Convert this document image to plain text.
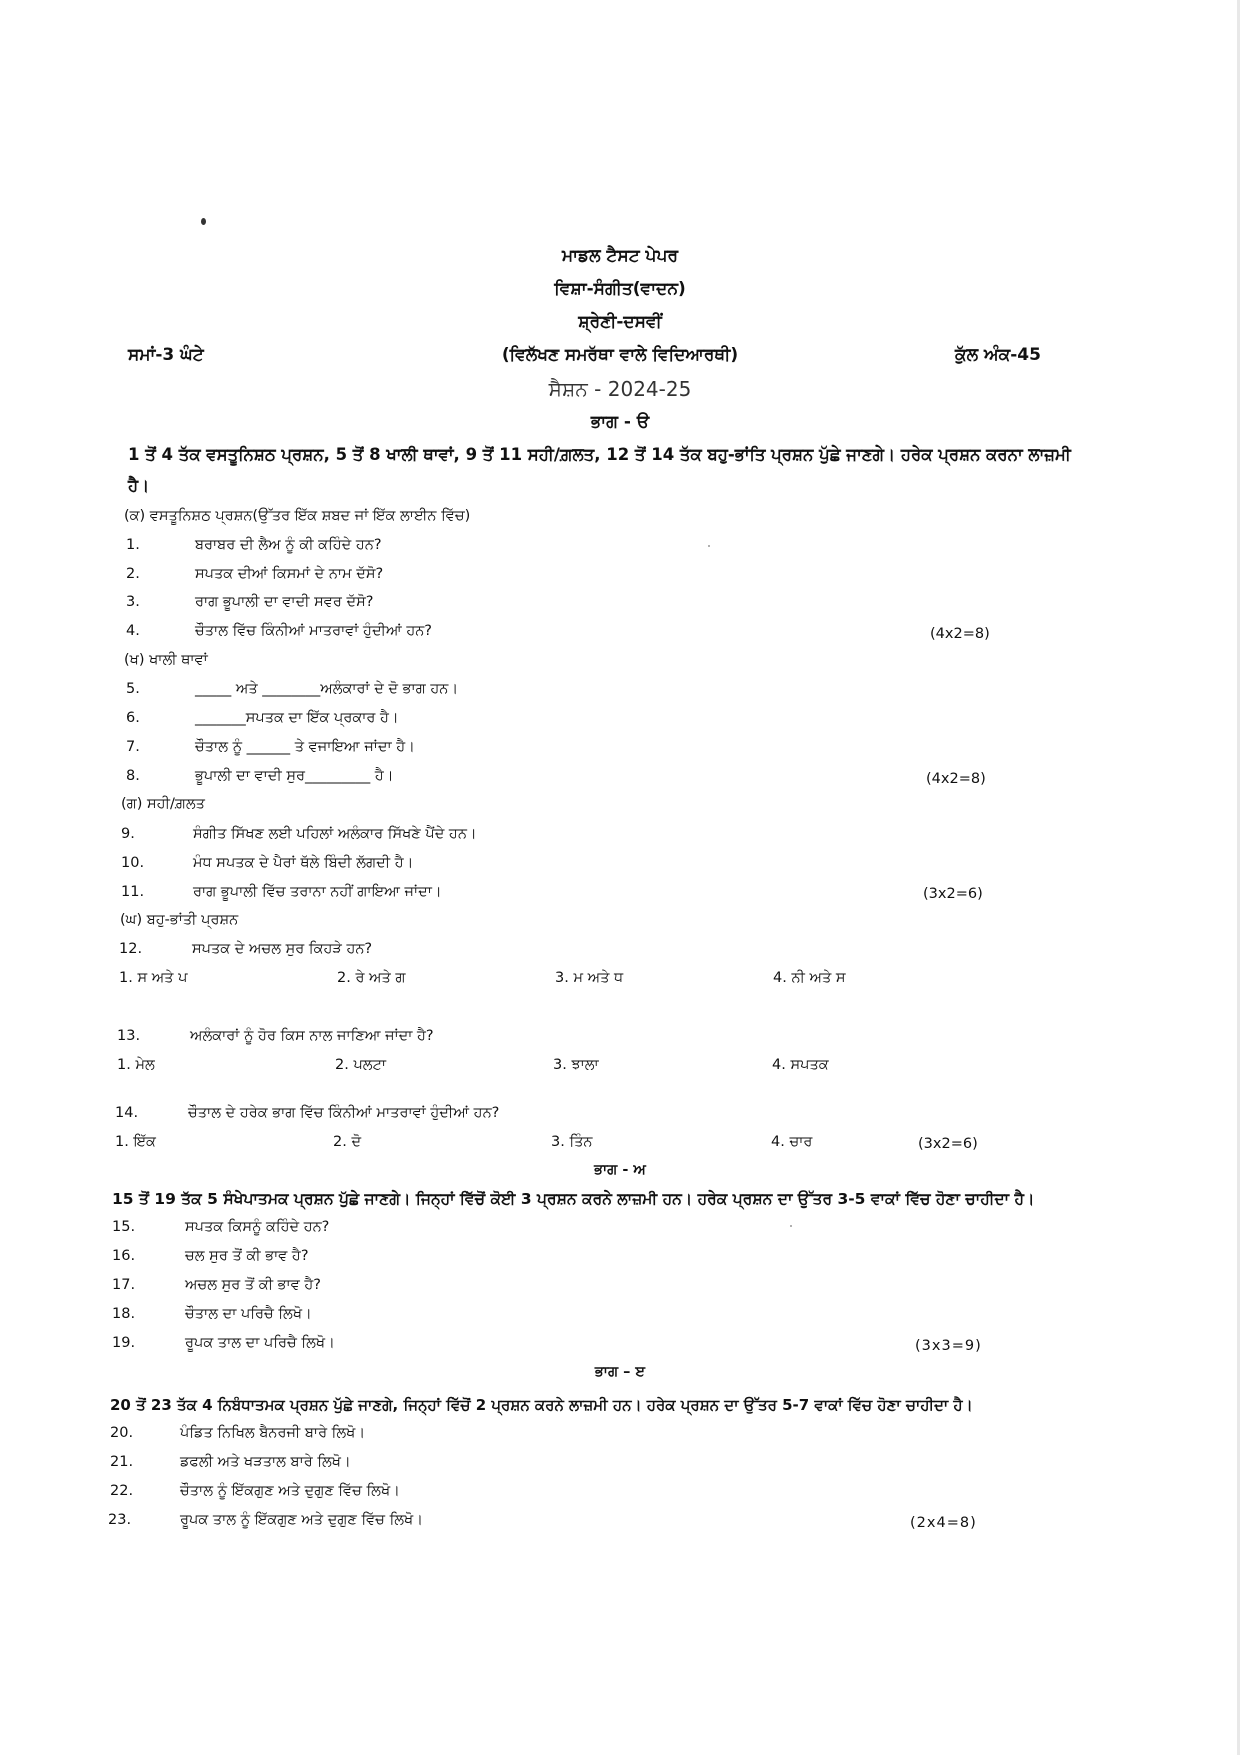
ਮਾਡਲ ਟੈਸਟ ਪੇਪਰ
ਵਿਸ਼ਾ-ਸੰਗੀਤ(ਵਾਦਨ)
ਸ਼੍ਰੇਣੀ-ਦਸਵੀਂ
ਸਮਾਂ-3 ਘੰਟੇ	(ਵਿਲੱਖਣ ਸਮਰੱਥਾ ਵਾਲੇ ਵਿਦਿਆਰਥੀ)	ਕੁੱਲ ਅੰਕ-45
ਸੈਸ਼ਨ - 2024-25
ਭਾਗ - ੳ
1 ਤੋਂ 4 ਤੱਕ ਵਸਤੂਨਿਸ਼ਠ ਪ੍ਰਸ਼ਨ, 5 ਤੋਂ 8 ਖਾਲੀ ਥਾਵਾਂ, 9 ਤੋਂ 11 ਸਹੀ/ਗ਼ਲਤ, 12 ਤੋਂ 14 ਤੱਕ ਬਹੁ-ਭਾਂਤਿ ਪ੍ਰਸ਼ਨ ਪੁੱਛੇ ਜਾਣਗੇ। ਹਰੇਕ ਪ੍ਰਸ਼ਨ ਕਰਨਾ ਲਾਜ਼ਮੀ
ਹੈ।
(ਕ) ਵਸਤੂਨਿਸ਼ਠ ਪ੍ਰਸ਼ਨ(ਉੱਤਰ ਇੱਕ ਸ਼ਬਦ ਜਾਂ ਇੱਕ ਲਾਈਨ ਵਿੱਚ)
1.	ਬਰਾਬਰ ਦੀ ਲੈਅ ਨੂੰ ਕੀ ਕਹਿੰਦੇ ਹਨ?
2.	ਸਪਤਕ ਦੀਆਂ ਕਿਸਮਾਂ ਦੇ ਨਾਮ ਦੱਸੋ?
3.	ਰਾਗ ਭੂਪਾਲੀ ਦਾ ਵਾਦੀ ਸਵਰ ਦੱਸੋ?
4.	ਚੌਤਾਲ ਵਿੱਚ ਕਿੰਨੀਆਂ ਮਾਤਰਾਵਾਂ ਹੁੰਦੀਆਂ ਹਨ?	(4x2=8)
(ਖ) ਖਾਲੀ ਥਾਵਾਂ
5.	_____ ਅਤੇ ________ਅਲੰਕਾਰਾਂ ਦੇ ਦੋ ਭਾਗ ਹਨ।
6.	_______ਸਪਤਕ ਦਾ ਇੱਕ ਪ੍ਰਕਾਰ ਹੈ।
7.	ਚੌਤਾਲ ਨੂੰ ______ ਤੇ ਵਜਾਇਆ ਜਾਂਦਾ ਹੈ।
8.	ਭੂਪਾਲੀ ਦਾ ਵਾਦੀ ਸੁਰ_________ ਹੈ।	(4x2=8)
(ਗ) ਸਹੀ/ਗ਼ਲਤ
9.	ਸੰਗੀਤ ਸਿੱਖਣ ਲਈ ਪਹਿਲਾਂ ਅਲੰਕਾਰ ਸਿੱਖਣੇ ਪੈਂਦੇ ਹਨ।
10.	ਮੰਧ ਸਪਤਕ ਦੇ ਪੈਰਾਂ ਥੱਲੇ ਬਿੰਦੀ ਲੱਗਦੀ ਹੈ।
11.	ਰਾਗ ਭੂਪਾਲੀ ਵਿੱਚ ਤਰਾਨਾ ਨਹੀਂ ਗਾਇਆ ਜਾਂਦਾ।	(3x2=6)
(ਘ) ਬਹੁ-ਭਾਂਤੀ ਪ੍ਰਸ਼ਨ
12.	ਸਪਤਕ ਦੇ ਅਚਲ ਸੁਰ ਕਿਹੜੇ ਹਨ?
1. ਸ ਅਤੇ ਪ	2. ਰੇ ਅਤੇ ਗ	3. ਮ ਅਤੇ ਧ	4. ਨੀ ਅਤੇ ਸ
13.	ਅਲੰਕਾਰਾਂ ਨੂੰ ਹੋਰ ਕਿਸ ਨਾਲ ਜਾਣਿਆ ਜਾਂਦਾ ਹੈ?
1. ਮੇਲ	2. ਪਲਟਾ	3. ਝਾਲਾ	4. ਸਪਤਕ
14.	ਚੌਤਾਲ ਦੇ ਹਰੇਕ ਭਾਗ ਵਿੱਚ ਕਿੰਨੀਆਂ ਮਾਤਰਾਵਾਂ ਹੁੰਦੀਆਂ ਹਨ?
1. ਇੱਕ	2. ਦੋ	3. ਤਿੰਨ	4. ਚਾਰ	(3x2=6)
ਭਾਗ - ਅ
15 ਤੋਂ 19 ਤੱਕ 5 ਸੰਖੇਪਾਤਮਕ ਪ੍ਰਸ਼ਨ ਪੁੱਛੇ ਜਾਣਗੇ। ਜਿਨ੍ਹਾਂ ਵਿੱਚੋਂ ਕੋਈ 3 ਪ੍ਰਸ਼ਨ ਕਰਨੇ ਲਾਜ਼ਮੀ ਹਨ। ਹਰੇਕ ਪ੍ਰਸ਼ਨ ਦਾ ਉੱਤਰ 3-5 ਵਾਕਾਂ ਵਿੱਚ ਹੋਣਾ ਚਾਹੀਦਾ ਹੈ।
15.	ਸਪਤਕ ਕਿਸਨੂੰ ਕਹਿੰਦੇ ਹਨ?
16.	ਚਲ ਸੁਰ ਤੋਂ ਕੀ ਭਾਵ ਹੈ?
17.	ਅਚਲ ਸੁਰ ਤੋਂ ਕੀ ਭਾਵ ਹੈ?
18.	ਚੌਤਾਲ ਦਾ ਪਰਿਚੈ ਲਿਖੋ।
19.	ਰੂਪਕ ਤਾਲ ਦਾ ਪਰਿਚੈ ਲਿਖੋ।	(3x3=9)
ਭਾਗ – ੲ
20 ਤੋਂ 23 ਤੱਕ 4 ਨਿਬੰਧਾਤਮਕ ਪ੍ਰਸ਼ਨ ਪੁੱਛੇ ਜਾਣਗੇ, ਜਿਨ੍ਹਾਂ ਵਿੱਚੋਂ 2 ਪ੍ਰਸ਼ਨ ਕਰਨੇ ਲਾਜ਼ਮੀ ਹਨ। ਹਰੇਕ ਪ੍ਰਸ਼ਨ ਦਾ ਉੱਤਰ 5-7 ਵਾਕਾਂ ਵਿੱਚ ਹੋਣਾ ਚਾਹੀਦਾ ਹੈ।
20.	ਪੰਡਿਤ ਨਿਖਿਲ ਬੈਨਰਜੀ ਬਾਰੇ ਲਿਖੋ।
21.	ਡਫਲੀ ਅਤੇ ਖੜਤਾਲ ਬਾਰੇ ਲਿਖੋ।
22.	ਚੌਤਾਲ ਨੂੰ ਇੱਕਗੁਣ ਅਤੇ ਦੁਗੁਣ ਵਿੱਚ ਲਿਖੋ।
23.	ਰੂਪਕ ਤਾਲ ਨੂੰ ਇੱਕਗੁਣ ਅਤੇ ਦੁਗੁਣ ਵਿੱਚ ਲਿਖੋ।	(2x4=8)
